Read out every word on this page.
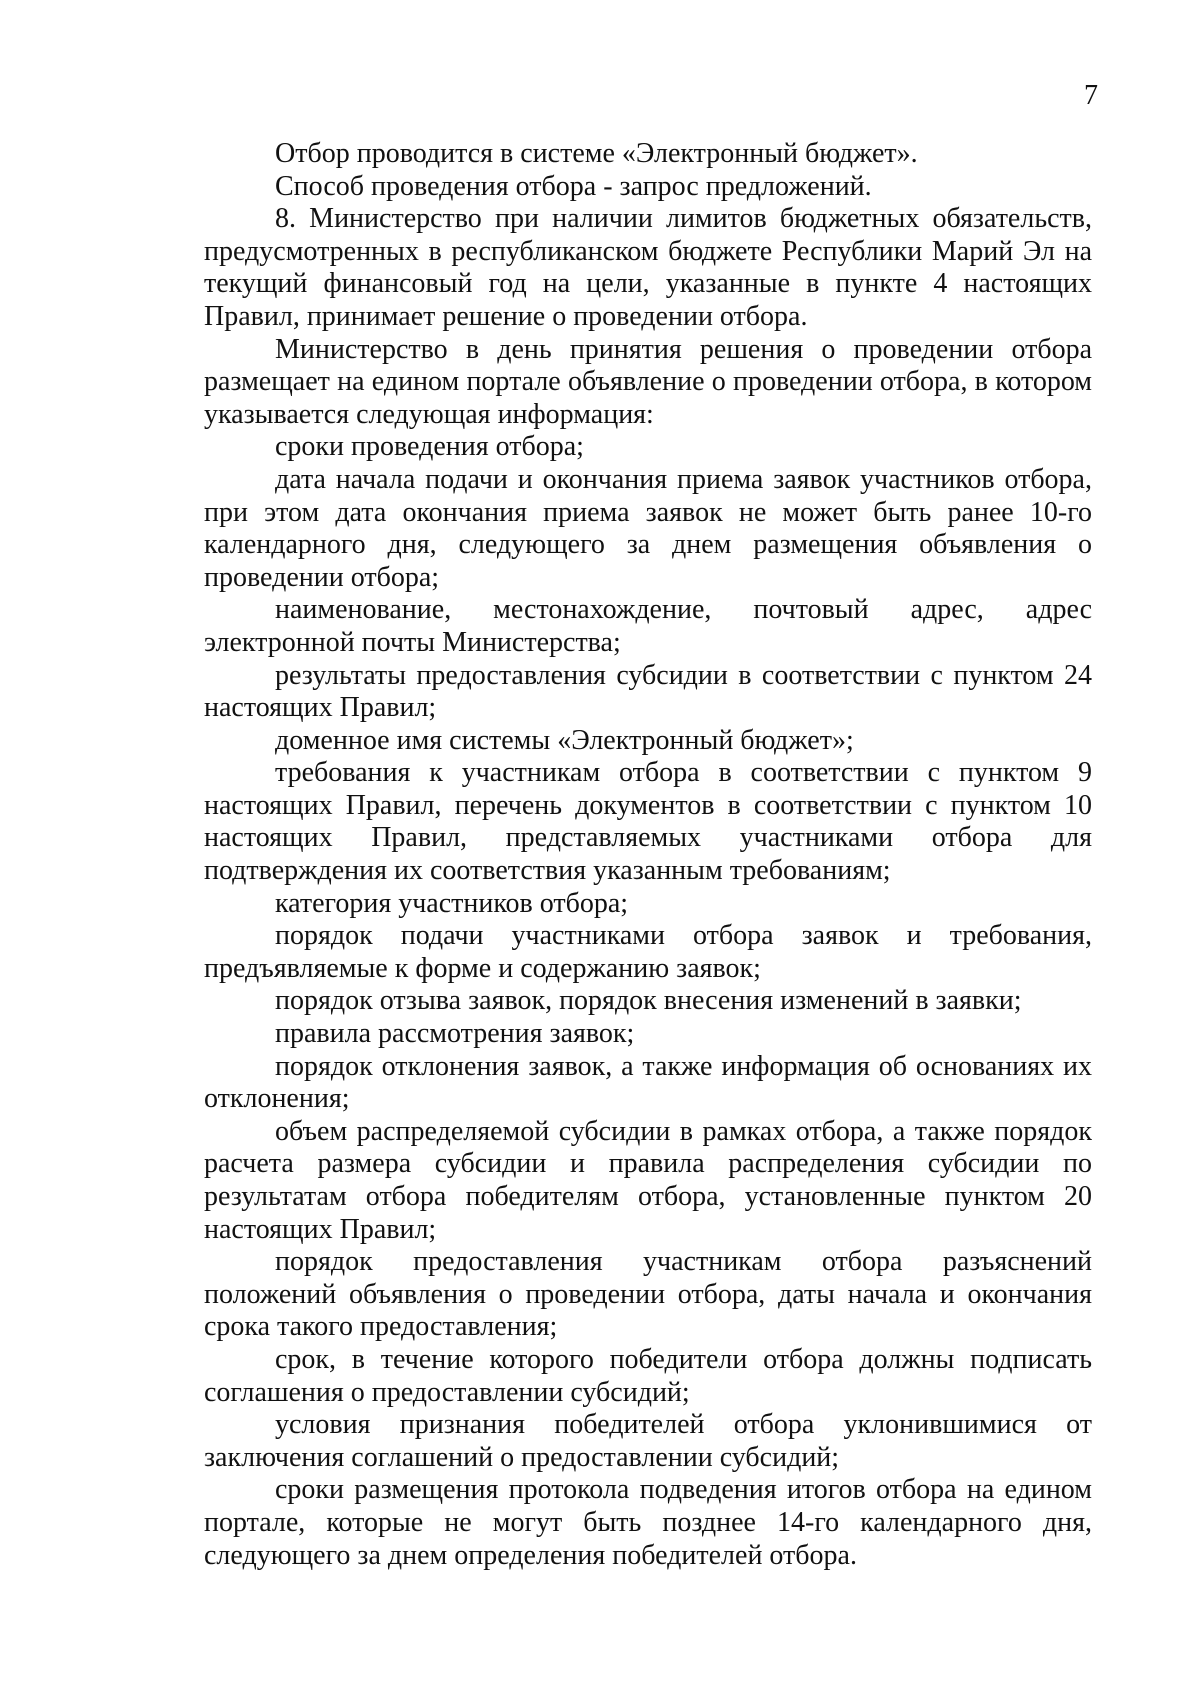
7

Отбор проводится в системе «Электронный бюджет».

Способ проведения отбора - запрос предложений.

8. Министерство при наличии лимитов бюджетных обязательств, предусмотренных в республиканском бюджете Республики Марий Эл на текущий финансовый год на цели, указанные в пункте 4 настоящих Правил, принимает решение о проведении отбора.

Министерство в день принятия решения о проведении отбора размещает на едином портале объявление о проведении отбора, в котором указывается следующая информация:

сроки проведения отбора;

дата начала подачи и окончания приема заявок участников отбора, при этом дата окончания приема заявок не может быть ранее 10-го календарного дня, следующего за днем размещения объявления о проведении отбора;

наименование, местонахождение, почтовый адрес, адрес электронной почты Министерства;

результаты предоставления субсидии в соответствии с пунктом 24 настоящих Правил;

доменное имя системы «Электронный бюджет»;

требования к участникам отбора в соответствии с пунктом 9 настоящих Правил, перечень документов в соответствии с пунктом 10 настоящих Правил, представляемых участниками отбора для подтверждения их соответствия указанным требованиям;

категория участников отбора;

порядок подачи участниками отбора заявок и требования, предъявляемые к форме и содержанию заявок;

порядок отзыва заявок, порядок внесения изменений в заявки;

правила рассмотрения заявок;

порядок отклонения заявок, а также информация об основаниях их отклонения;

объем распределяемой субсидии в рамках отбора, а также порядок расчета размера субсидии и правила распределения субсидии по результатам отбора победителям отбора, установленные пунктом 20 настоящих Правил;

порядок предоставления участникам отбора разъяснений положений объявления о проведении отбора, даты начала и окончания срока такого предоставления;

срок, в течение которого победители отбора должны подписать соглашения о предоставлении субсидий;

условия признания победителей отбора уклонившимися от заключения соглашений о предоставлении субсидий;

сроки размещения протокола подведения итогов отбора на едином портале, которые не могут быть позднее 14-го календарного дня, следующего за днем определения победителей отбора.
